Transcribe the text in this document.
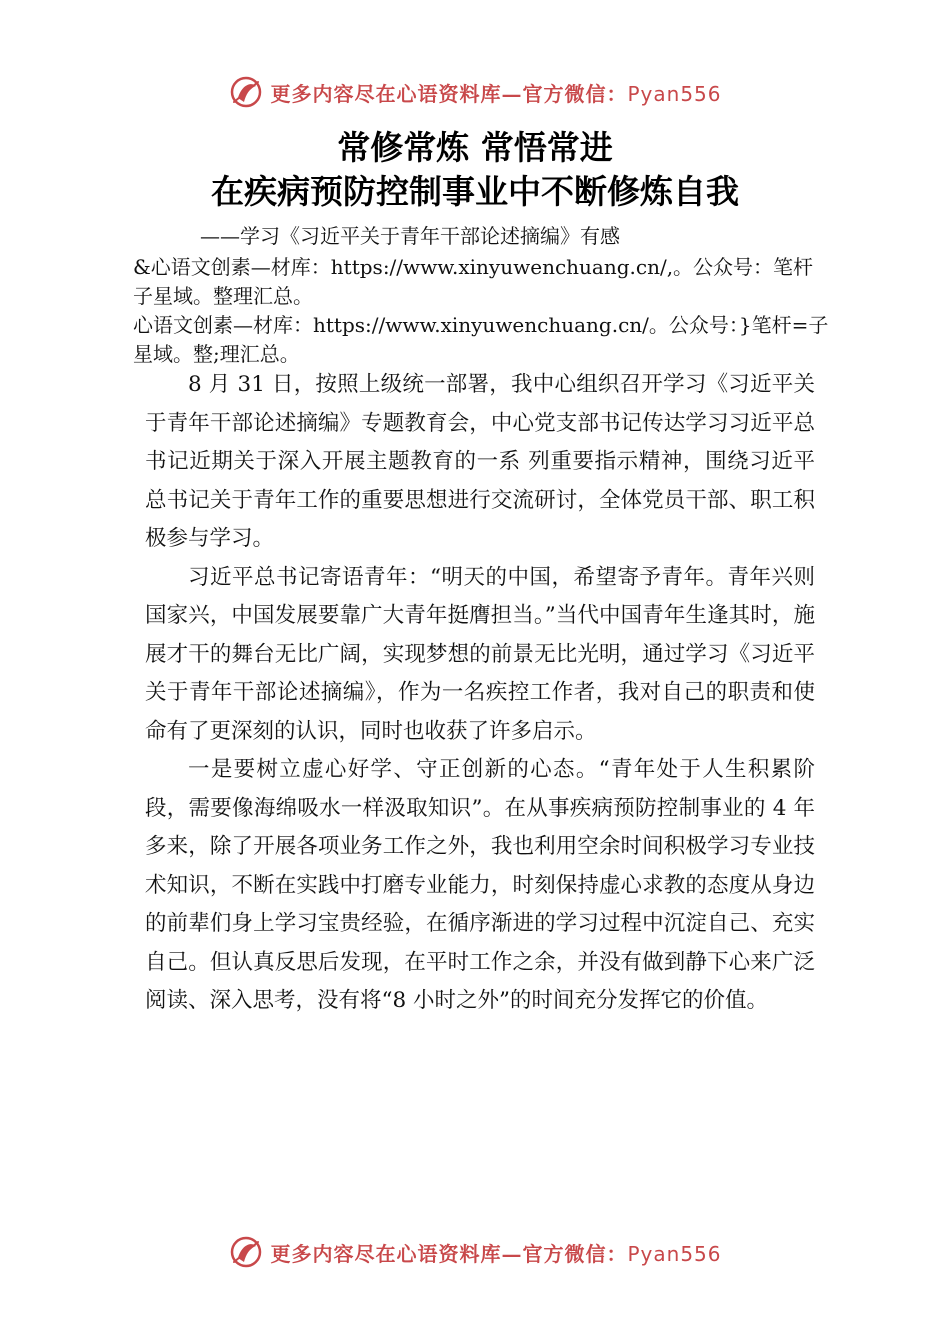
更多内容尽在心语资料库—官方微信：Pyan556
常修常炼 常悟常进
在疾病预防控制事业中不断修炼自我
——学习《习近平关于青年干部论述摘编》有感

&心语文创素—材库：https://www.xinyuwenchuang.cn/,。公众号：笔杆子星域。整理汇总。

心语文创素—材库：https://www.xinyuwenchuang.cn/。公众号：}笔杆=子星域。整;理汇总。

8 月 31 日，按照上级统一部署，我中心组织召开学习《习近平关于青年干部论述摘编》专题教育会，中心党支部书记传达学习习近平总书记近期关于深入开展主题教育的一系 列重要指示精神，围绕习近平总书记关于青年工作的重要思想进行交流研讨，全体党员干部、职工积极参与学习。

习近平总书记寄语青年：“明天的中国，希望寄予青年。青年兴则国家兴，中国发展要靠广大青年挺膺担当。”当代中国青年生逢其时，施展才干的舞台无比广阔，实现梦想的前景无比光明，通过学习《习近平关于青年干部论述摘编》，作为一名疾控工作者，我对自己的职责和使命有了更深刻的认识，同时也收获了许多启示。

一是要树立虚心好学、守正创新的心态。“青年处于人生积累阶段，需要像海绵吸水一样汲取知识”。在从事疾病预防控制事业的 4 年多来，除了开展各项业务工作之外，我也利用空余时间积极学习专业技术知识，不断在实践中打磨专业能力，时刻保持虚心求教的态度从身边的前辈们身上学习宝贵经验，在循序渐进的学习过程中沉淀自己、充实自己。但认真反思后发现，在平时工作之余，并没有做到静下心来广泛阅读、深入思考，没有将“8 小时之外”的时间充分发挥它的价值。

更多内容尽在心语资料库—官方微信：Pyan556
